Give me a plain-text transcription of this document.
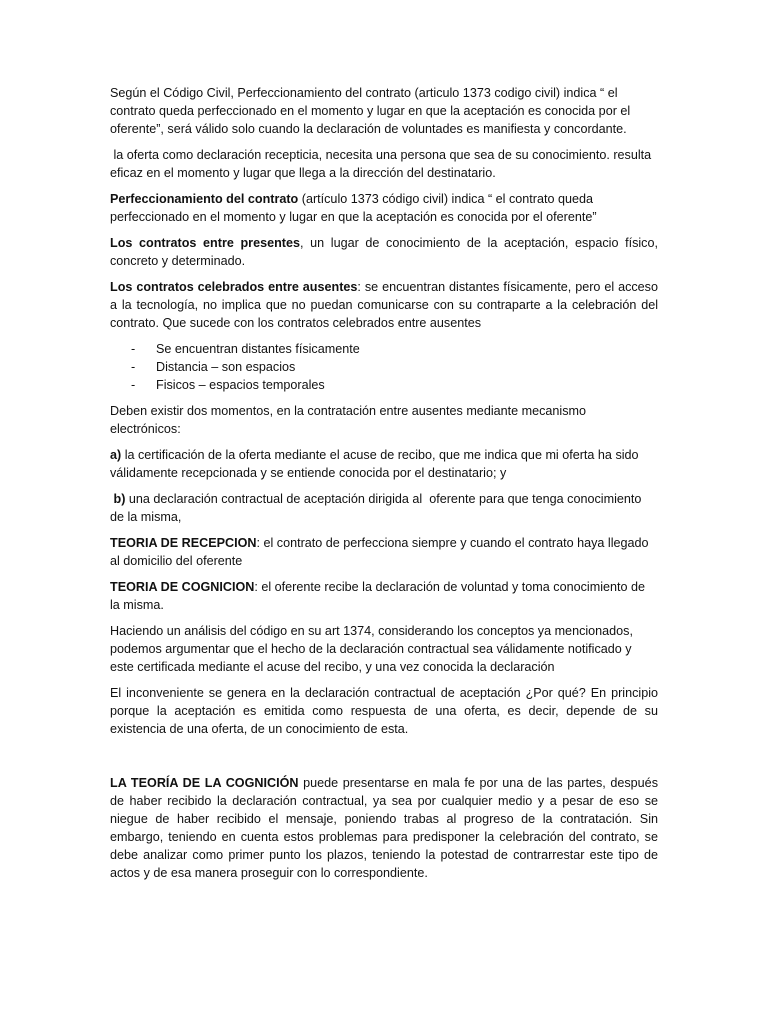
Según el Código Civil, Perfeccionamiento del contrato (articulo 1373 codigo civil) indica “ el contrato queda perfeccionado en el momento y lugar en que la aceptación es conocida por el oferente”, será válido solo cuando la declaración de voluntades es manifiesta y concordante.

la oferta como declaración recepticia, necesita una persona que sea de su conocimiento. resulta eficaz en el momento y lugar que llega a la dirección del destinatario.

Perfeccionamiento del contrato (artículo 1373 código civil) indica “ el contrato queda perfeccionado en el momento y lugar en que la aceptación es conocida por el oferente”

Los contratos entre presentes, un lugar de conocimiento de la aceptación, espacio físico, concreto y determinado.

Los contratos celebrados entre ausentes: se encuentran distantes físicamente, pero el acceso a la tecnología, no implica que no puedan comunicarse con su contraparte a la celebración del contrato. Que sucede con los contratos celebrados entre ausentes

-	Se encuentran distantes físicamente
-	Distancia – son espacios
-	Fisicos – espacios temporales

Deben existir dos momentos, en la contratación entre ausentes mediante mecanismo electrónicos:

a) la certificación de la oferta mediante el acuse de recibo, que me indica que mi oferta ha sido válidamente recepcionada y se entiende conocida por el destinatario; y

b) una declaración contractual de aceptación dirigida al  oferente para que tenga conocimiento de la misma,

TEORIA DE RECEPCION: el contrato de perfecciona siempre y cuando el contrato haya llegado al domicilio del oferente

TEORIA DE COGNICION: el oferente recibe la declaración de voluntad y toma conocimiento de la misma.

Haciendo un análisis del código en su art 1374, considerando los conceptos ya mencionados, podemos argumentar que el hecho de la declaración contractual sea válidamente notificado y este certificada mediante el acuse del recibo, y una vez conocida la declaración

El inconveniente se genera en la declaración contractual de aceptación ¿Por qué? En principio porque la aceptación es emitida como respuesta de una oferta, es decir, depende de su existencia de una oferta, de un conocimiento de esta.

LA TEORÍA DE LA COGNICIÓN puede presentarse en mala fe por una de las partes, después de haber recibido la declaración contractual, ya sea por cualquier medio y a pesar de eso se niegue de haber recibido el mensaje, poniendo trabas al progreso de la contratación. Sin embargo, teniendo en cuenta estos problemas para predisponer la celebración del contrato, se debe analizar como primer punto los plazos, teniendo la potestad de contrarrestar este tipo de actos y de esa manera proseguir con lo correspondiente.
